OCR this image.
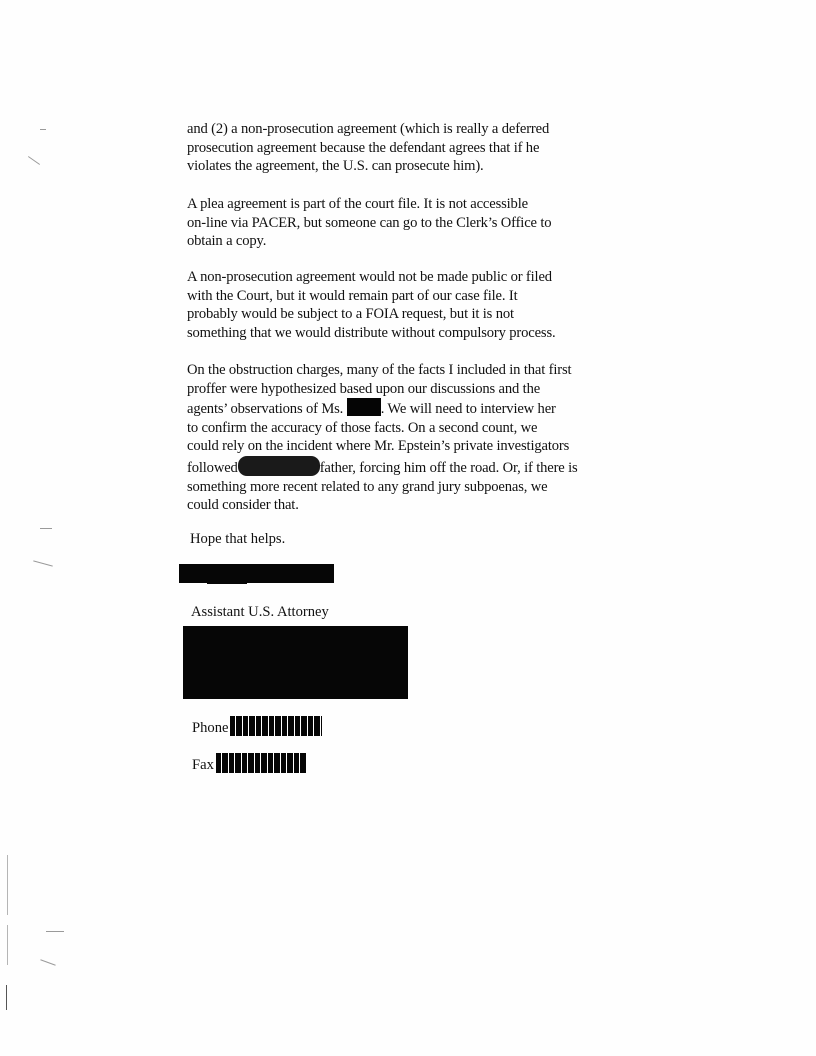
and (2) a non-prosecution agreement (which is really a deferred
prosecution agreement because the defendant agrees that if he
violates the agreement, the U.S. can prosecute him).
A plea agreement is part of the court file. It is not accessible
on-line via PACER, but someone can go to the Clerk’s Office to
obtain a copy.
A non-prosecution agreement would not be made public or filed
with the Court, but it would remain part of our case file. It
probably would be subject to a FOIA request, but it is not
something that we would distribute without compulsory process.
On the obstruction charges, many of the facts I included in that first
proffer were hypothesized based upon our discussions and the
agents’ observations of Ms. . We will need to interview her
to confirm the accuracy of those facts. On a second count, we
could rely on the incident where Mr. Epstein’s private investigators
followed	father, forcing him off the road. Or, if there is
something more recent related to any grand jury subpoenas, we
could consider that.
Hope that helps.
Assistant U.S. Attorney
Phone
Fax
